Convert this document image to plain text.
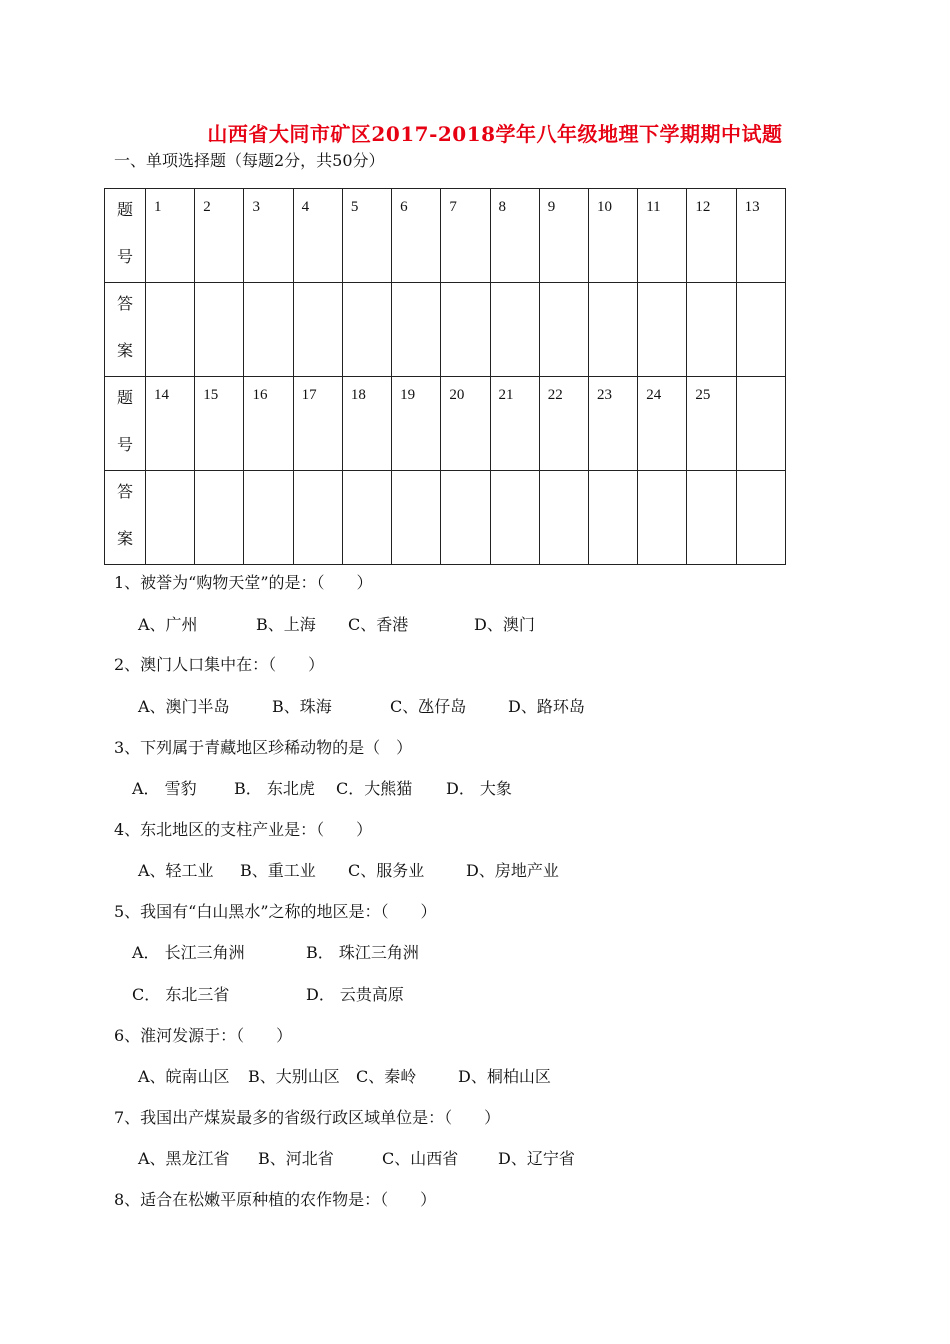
山西省大同市矿区2017-2018学年八年级地理下学期期中试题
一、单项选择题（每题2分，共50分）
题
号	1	2	3	4	5	6	7	8	9	10	11	12	13

答
案													

题
号	14	15	16	17	18	19	20	21	22	23	24	25	

答
案													

1、被誉为“购物天堂”的是：（　　）
A、广州	B、上海 C、香港	D、澳门
2、澳门人口集中在：（　　）
A、澳门半岛	B、珠海	C、氹仔岛	D、路环岛
3、下列属于青藏地区珍稀动物的是（　）
A． 雪豹 B． 东北虎 C．大熊猫 D． 大象
4、东北地区的支柱产业是：（　　）
A、轻工业 B、重工业 C、服务业	D、房地产业
5、我国有“白山黑水”之称的地区是：（　　）
A． 长江三角洲	B． 珠江三角洲
C． 东北三省	D． 云贵高原
6、淮河发源于：（　　）
A、皖南山区 B、大别山区 C、秦岭	D、桐柏山区
7、我国出产煤炭最多的省级行政区域单位是：（　　）
A、黑龙江省 B、河北省	C、山西省 D、辽宁省
8、适合在松嫩平原种植的农作物是：（　　）
